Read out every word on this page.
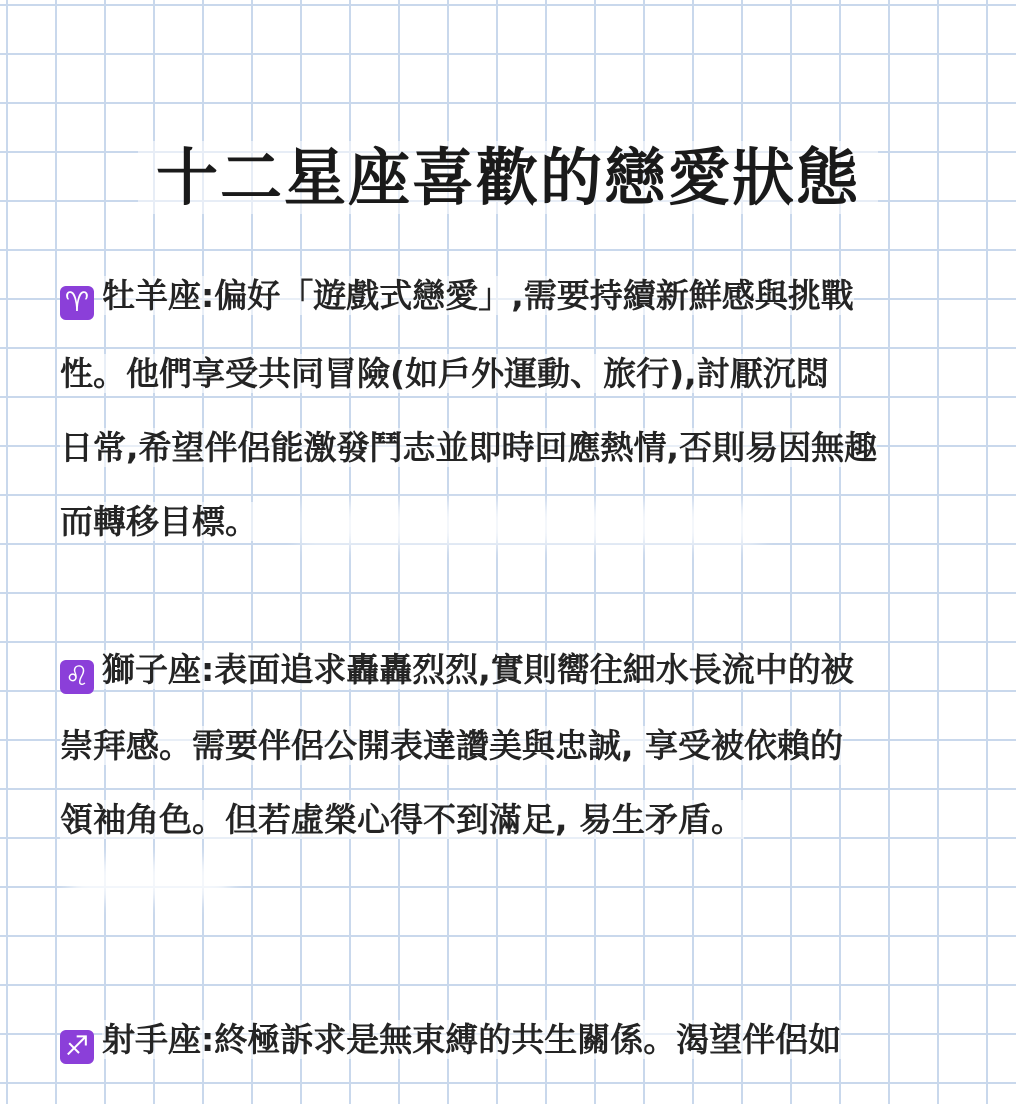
十二星座喜歡的戀愛狀態
♈ 牡羊座:偏好「遊戲式戀愛」,需要持續新鮮感與挑戰
性。他們享受共同冒險(如戶外運動、旅行),討厭沉悶
日常,希望伴侶能激發鬥志並即時回應熱情,否則易因無趣
而轉移目標。
♌ 獅子座:表面追求轟轟烈烈,實則嚮往細水長流中的被
崇拜感。需要伴侶公開表達讚美與忠誠, 享受被依賴的
領袖角色。但若虛榮心得不到滿足, 易生矛盾。
♐ 射手座:終極訴求是無束縛的共生關係。渴望伴侶如
